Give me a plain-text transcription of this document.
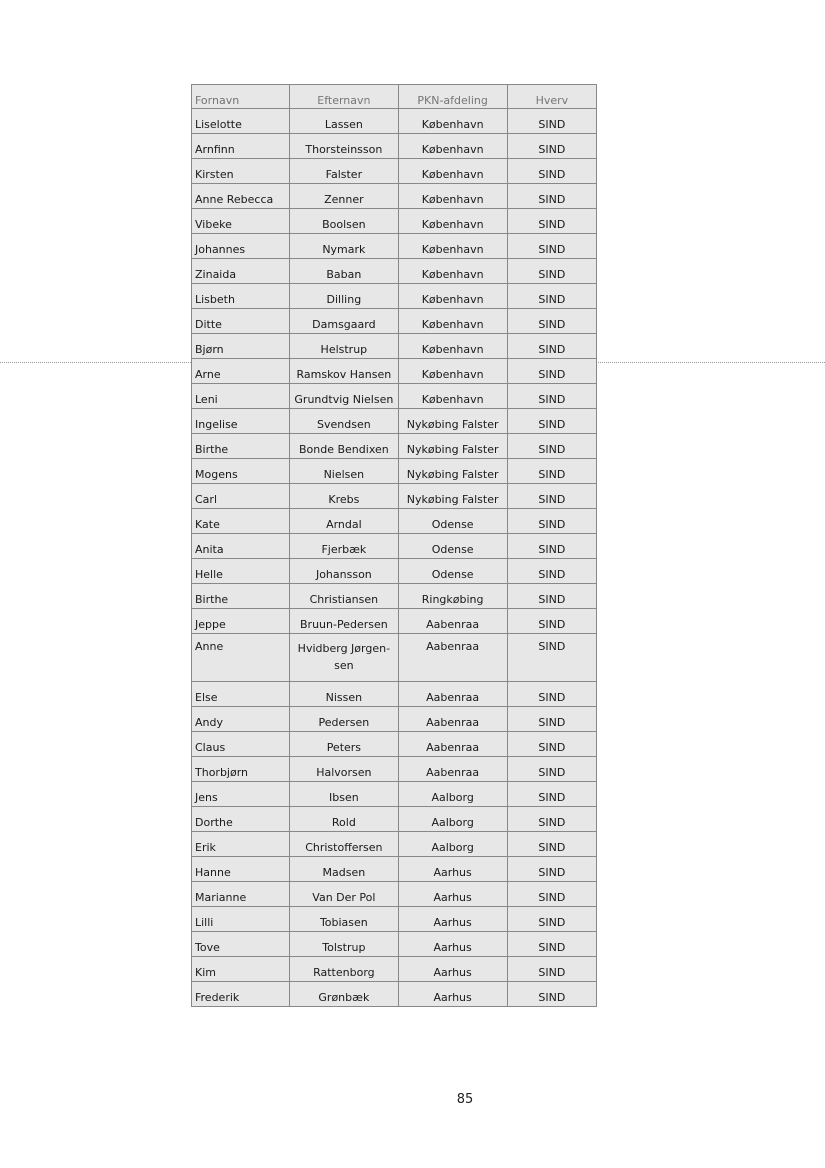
Fornavn	Efternavn	PKN-afdeling	Hverv
Liselotte	Lassen	København	SIND
Arnfinn	Thorsteinsson	København	SIND
Kirsten	Falster	København	SIND
Anne Rebecca	Zenner	København	SIND
Vibeke	Boolsen	København	SIND
Johannes	Nymark	København	SIND
Zinaida	Baban	København	SIND
Lisbeth	Dilling	København	SIND
Ditte	Damsgaard	København	SIND
Bjørn	Helstrup	København	SIND
Arne	Ramskov Hansen	København	SIND
Leni	Grundtvig Nielsen	København	SIND
Ingelise	Svendsen	Nykøbing Falster	SIND
Birthe	Bonde Bendixen	Nykøbing Falster	SIND
Mogens	Nielsen	Nykøbing Falster	SIND
Carl	Krebs	Nykøbing Falster	SIND
Kate	Arndal	Odense	SIND
Anita	Fjerbæk	Odense	SIND
Helle	Johansson	Odense	SIND
Birthe	Christiansen	Ringkøbing	SIND
Jeppe	Bruun-Pedersen	Aabenraa	SIND
Anne	Hvidberg Jørgen-sen	Aabenraa	SIND
Else	Nissen	Aabenraa	SIND
Andy	Pedersen	Aabenraa	SIND
Claus	Peters	Aabenraa	SIND
Thorbjørn	Halvorsen	Aabenraa	SIND
Jens	Ibsen	Aalborg	SIND
Dorthe	Rold	Aalborg	SIND
Erik	Christoffersen	Aalborg	SIND
Hanne	Madsen	Aarhus	SIND
Marianne	Van Der Pol	Aarhus	SIND
Lilli	Tobiasen	Aarhus	SIND
Tove	Tolstrup	Aarhus	SIND
Kim	Rattenborg	Aarhus	SIND
Frederik	Grønbæk	Aarhus	SIND
85
